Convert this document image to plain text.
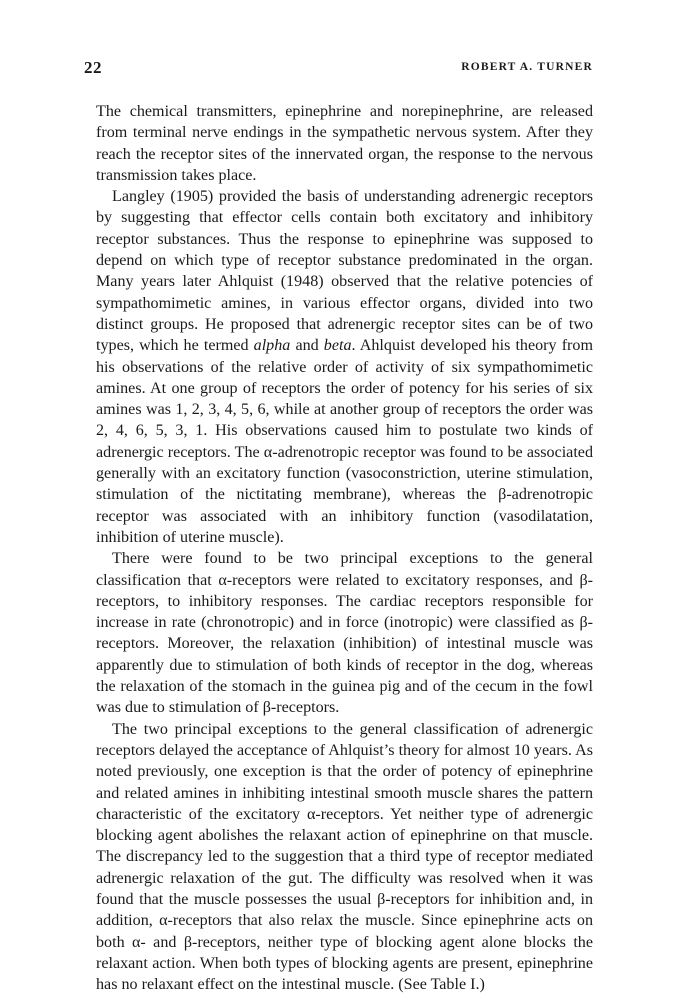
22	ROBERT A. TURNER

The chemical transmitters, epinephrine and norepinephrine, are released from terminal nerve endings in the sympathetic nervous system. After they reach the receptor sites of the innervated organ, the response to the nervous transmission takes place.

Langley (1905) provided the basis of understanding adrenergic receptors by suggesting that effector cells contain both excitatory and inhibitory receptor substances. Thus the response to epinephrine was supposed to depend on which type of receptor substance predominated in the organ. Many years later Ahlquist (1948) observed that the relative potencies of sympathomimetic amines, in various effector organs, divided into two distinct groups. He proposed that adrenergic receptor sites can be of two types, which he termed alpha and beta. Ahlquist developed his theory from his observations of the relative order of activity of six sympathomimetic amines. At one group of receptors the order of potency for his series of six amines was 1, 2, 3, 4, 5, 6, while at another group of receptors the order was 2, 4, 6, 5, 3, 1. His observations caused him to postulate two kinds of adrenergic receptors. The α-adrenotropic receptor was found to be associated generally with an excitatory function (vasoconstriction, uterine stimulation, stimulation of the nictitating membrane), whereas the β-adrenotropic receptor was associated with an inhibitory function (vasodilatation, inhibition of uterine muscle).

There were found to be two principal exceptions to the general classification that α-receptors were related to excitatory responses, and β-receptors, to inhibitory responses. The cardiac receptors responsible for increase in rate (chronotropic) and in force (inotropic) were classified as β-receptors. Moreover, the relaxation (inhibition) of intestinal muscle was apparently due to stimulation of both kinds of receptor in the dog, whereas the relaxation of the stomach in the guinea pig and of the cecum in the fowl was due to stimulation of β-receptors.

The two principal exceptions to the general classification of adrenergic receptors delayed the acceptance of Ahlquist’s theory for almost 10 years. As noted previously, one exception is that the order of potency of epinephrine and related amines in inhibiting intestinal smooth muscle shares the pattern characteristic of the excitatory α-receptors. Yet neither type of adrenergic blocking agent abolishes the relaxant action of epinephrine on that muscle. The discrepancy led to the suggestion that a third type of receptor mediated adrenergic relaxation of the gut. The difficulty was resolved when it was found that the muscle possesses the usual β-receptors for inhibition and, in addition, α-receptors that also relax the muscle. Since epinephrine acts on both α- and β-receptors, neither type of blocking agent alone blocks the relaxant action. When both types of blocking agents are present, epinephrine has no relaxant effect on the intestinal muscle. (See Table I.)
